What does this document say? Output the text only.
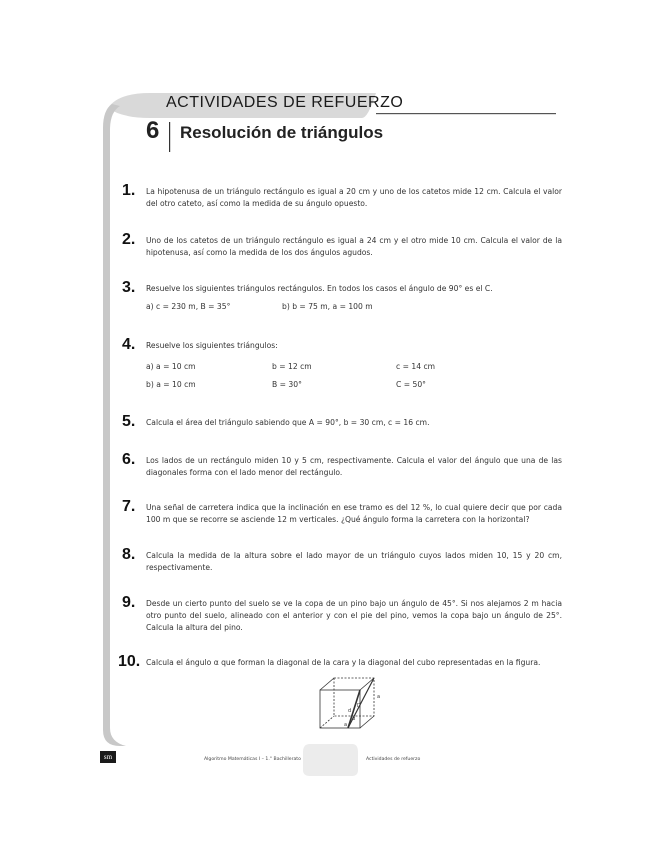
ACTIVIDADES DE REFUERZO
6 Resolución de triángulos
1. La hipotenusa de un triángulo rectángulo es igual a 20 cm y uno de los catetos mide 12 cm. Calcula el valor del otro cateto, así como la medida de su ángulo opuesto.
2. Uno de los catetos de un triángulo rectángulo es igual a 24 cm y el otro mide 10 cm. Calcula el valor de la hipotenusa, así como la medida de los dos ángulos agudos.
3. Resuelve los siguientes triángulos rectángulos. En todos los casos el ángulo de 90° es el C.
a) c = 230 m, B = 35°	b) b = 75 m, a = 100 m
4. Resuelve los siguientes triángulos:
a) a = 10 cm	b = 12 cm	c = 14 cm
b) a = 10 cm	B = 30°	C = 50°
5. Calcula el área del triángulo sabiendo que A = 90°, b = 30 cm, c = 16 cm.
6. Los lados de un rectángulo miden 10 y 5 cm, respectivamente. Calcula el valor del ángulo que una de las diagonales forma con el lado menor del rectángulo.
7. Una señal de carretera indica que la inclinación en ese tramo es del 12 %, lo cual quiere decir que por cada 100 m que se recorre se asciende 12 m verticales. ¿Qué ángulo forma la carretera con la horizontal?
8. Calcula la medida de la altura sobre el lado mayor de un triángulo cuyos lados miden 10, 15 y 20 cm, respectivamente.
9. Desde un cierto punto del suelo se ve la copa de un pino bajo un ángulo de 45°. Si nos alejamos 2 m hacia otro punto del suelo, alineado con el anterior y con el pie del pino, vemos la copa bajo un ángulo de 25°. Calcula la altura del pino.
10. Calcula el ángulo α que forman la diagonal de la cara y la diagonal del cubo representadas en la figura.
a
D
d
α
a
sm	Algoritmo Matemáticas I – 1.° Bachillerato	Actividades de refuerzo
